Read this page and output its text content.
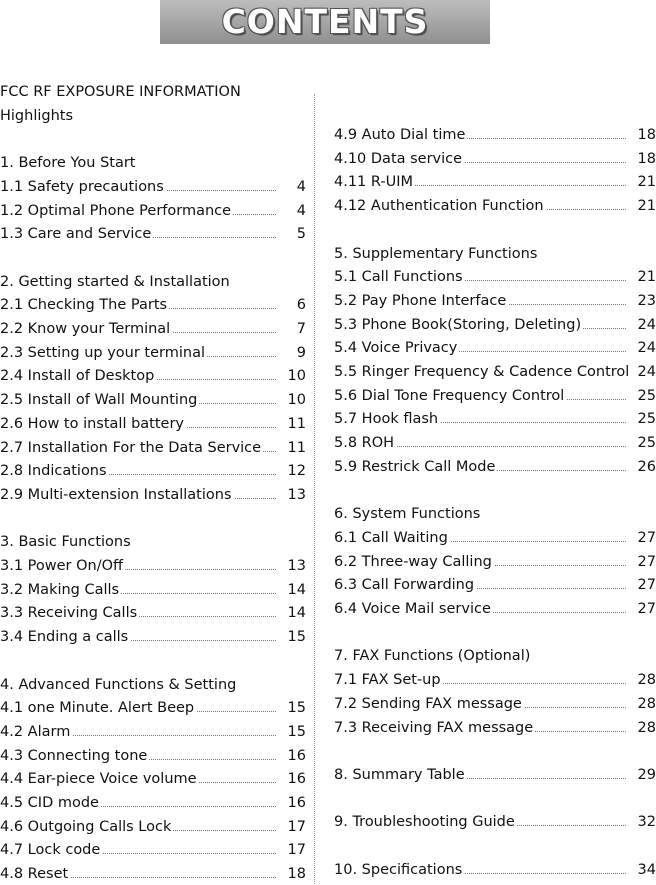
CONTENTS
FCC RF EXPOSURE INFORMATION
Highlights
1. Before You Start
1.1 Safety precautions	4
1.2 Optimal Phone Performance	4
1.3 Care and Service	5
2. Getting started & Installation
2.1 Checking The Parts	6
2.2 Know your Terminal	7
2.3 Setting up your terminal	9
2.4 Install of Desktop	10
2.5 Install of Wall Mounting	10
2.6 How to install battery	11
2.7 Installation For the Data Service	11
2.8 Indications	12
2.9 Multi-extension Installations	13
3. Basic Functions
3.1 Power On/Off	13
3.2 Making Calls	14
3.3 Receiving Calls	14
3.4 Ending a calls	15
4. Advanced Functions & Setting
4.1 one Minute. Alert Beep	15
4.2 Alarm	15
4.3 Connecting tone	16
4.4 Ear-piece Voice volume	16
4.5 CID mode	16
4.6 Outgoing Calls Lock	17
4.7 Lock code	17
4.8 Reset	18
4.9 Auto Dial time	18
4.10 Data service	18
4.11 R-UIM	21
4.12 Authentication Function	21
5. Supplementary Functions
5.1 Call Functions	21
5.2 Pay Phone Interface	23
5.3 Phone Book(Storing, Deleting)	24
5.4 Voice Privacy	24
5.5 Ringer Frequency & Cadence Control 24
5.6 Dial Tone Frequency Control	25
5.7 Hook flash	25
5.8 ROH	25
5.9 Restrick Call Mode	26
6. System Functions
6.1 Call Waiting	27
6.2 Three-way Calling	27
6.3 Call Forwarding	27
6.4 Voice Mail service	27
7. FAX Functions (Optional)
7.1 FAX Set-up	28
7.2 Sending FAX message	28
7.3 Receiving FAX message	28
8. Summary Table	29
9. Troubleshooting Guide	32
10. Specifications	34
